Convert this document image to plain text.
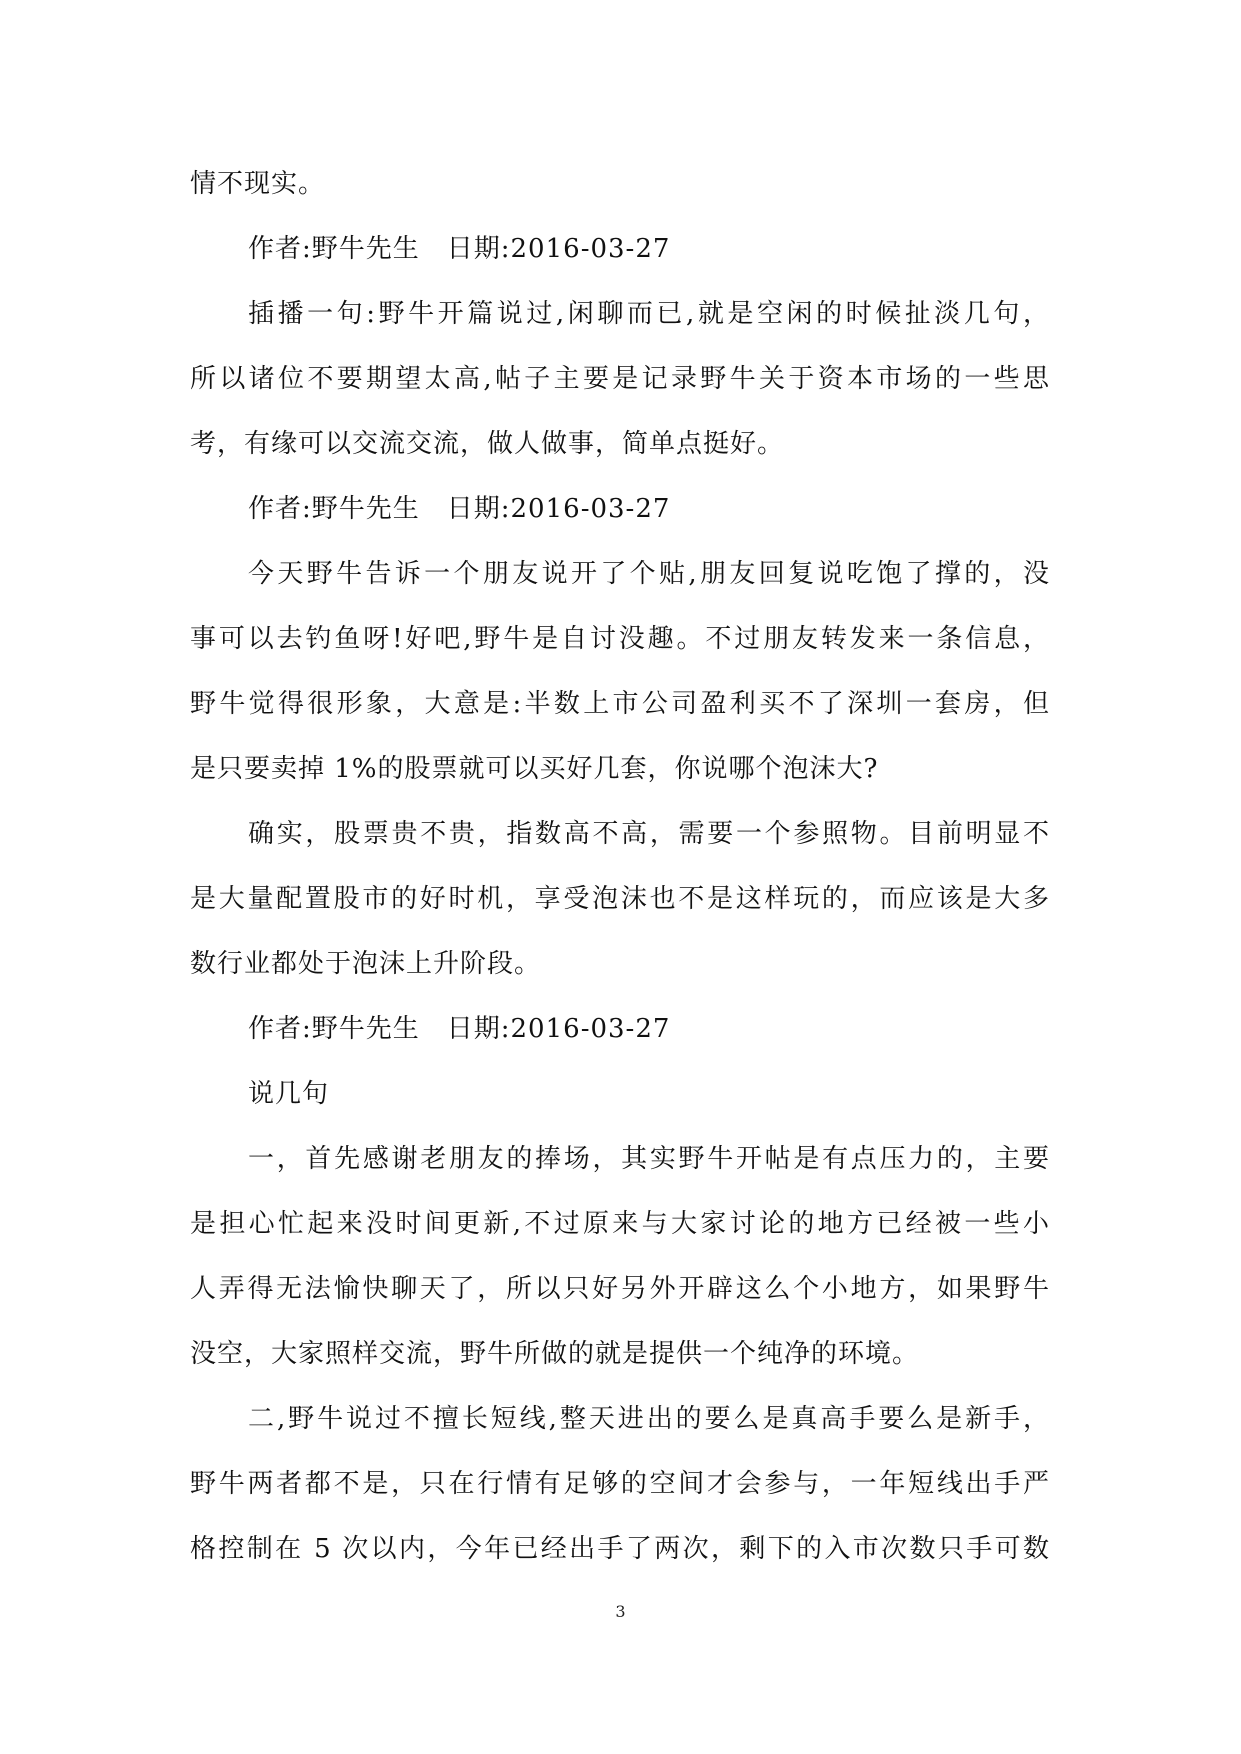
情不现实。
作者:野牛先生　日期:2016-03-27
插播一句:野牛开篇说过,闲聊而已,就是空闲的时候扯淡几句，
所以诸位不要期望太高,帖子主要是记录野牛关于资本市场的一些思
考，有缘可以交流交流，做人做事，简单点挺好。
作者:野牛先生　日期:2016-03-27
今天野牛告诉一个朋友说开了个贴,朋友回复说吃饱了撑的，没
事可以去钓鱼呀!好吧,野牛是自讨没趣。不过朋友转发来一条信息，
野牛觉得很形象，大意是:半数上市公司盈利买不了深圳一套房，但
是只要卖掉 1%的股票就可以买好几套，你说哪个泡沫大?
确实，股票贵不贵，指数高不高，需要一个参照物。目前明显不
是大量配置股市的好时机，享受泡沫也不是这样玩的，而应该是大多
数行业都处于泡沫上升阶段。
作者:野牛先生　日期:2016-03-27
说几句
一，首先感谢老朋友的捧场，其实野牛开帖是有点压力的，主要
是担心忙起来没时间更新,不过原来与大家讨论的地方已经被一些小
人弄得无法愉快聊天了，所以只好另外开辟这么个小地方，如果野牛
没空，大家照样交流，野牛所做的就是提供一个纯净的环境。
二,野牛说过不擅长短线,整天进出的要么是真高手要么是新手，
野牛两者都不是，只在行情有足够的空间才会参与，一年短线出手严
格控制在 5 次以内，今年已经出手了两次，剩下的入市次数只手可数
3
